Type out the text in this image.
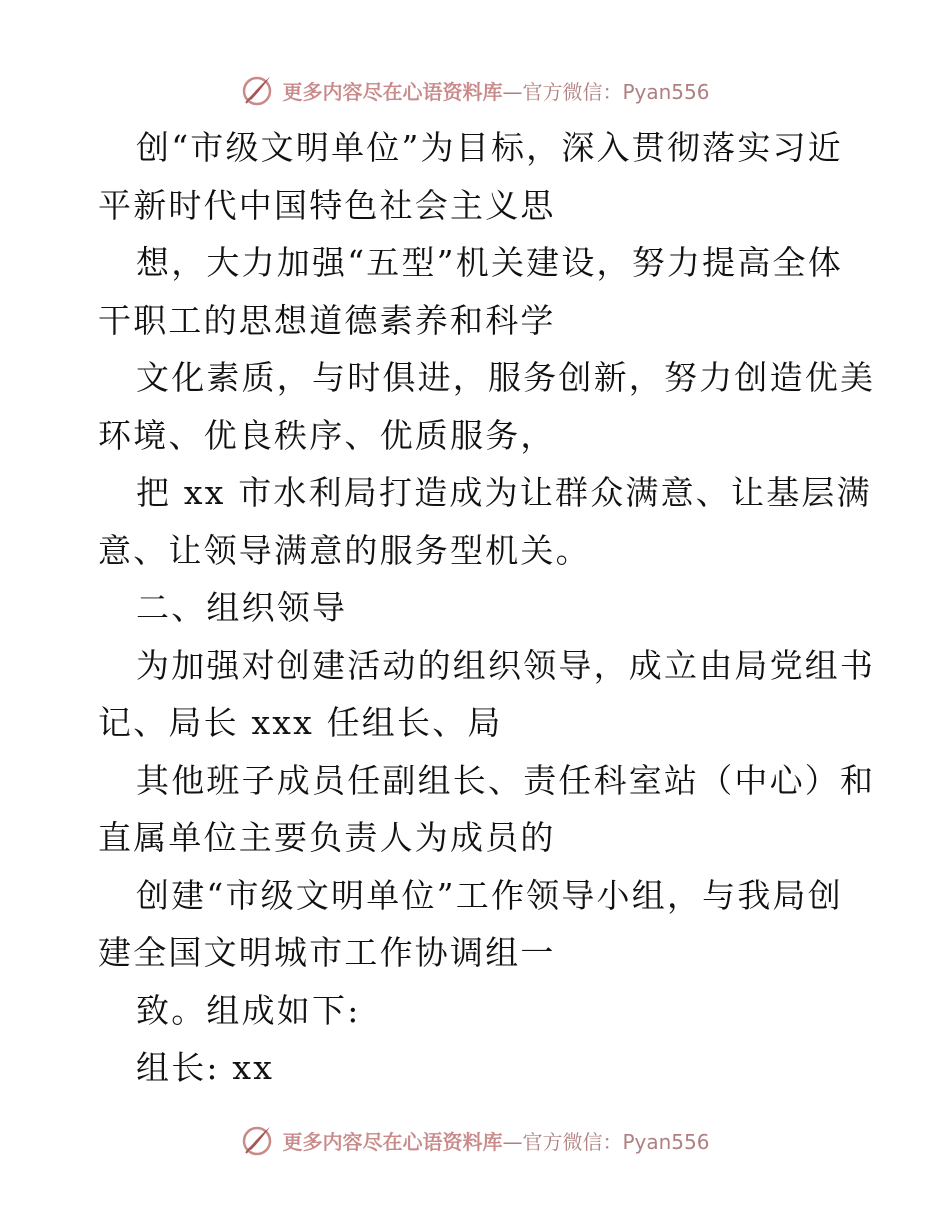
更多内容尽在心语资料库—官方微信：Pyan556
创“市级文明单位”为目标，深入贯彻落实习近
平新时代中国特色社会主义思
想，大力加强“五型”机关建设，努力提高全体
干职工的思想道德素养和科学
文化素质，与时俱进，服务创新，努力创造优美
环境、优良秩序、优质服务，
把 xx 市水利局打造成为让群众满意、让基层满
意、让领导满意的服务型机关。
二、组织领导
为加强对创建活动的组织领导，成立由局党组书
记、局长 xxx 任组长、局
其他班子成员任副组长、责任科室站（中心）和
直属单位主要负责人为成员的
创建“市级文明单位”工作领导小组，与我局创
建全国文明城市工作协调组一
致。组成如下:
组长: xx
更多内容尽在心语资料库—官方微信：Pyan556
